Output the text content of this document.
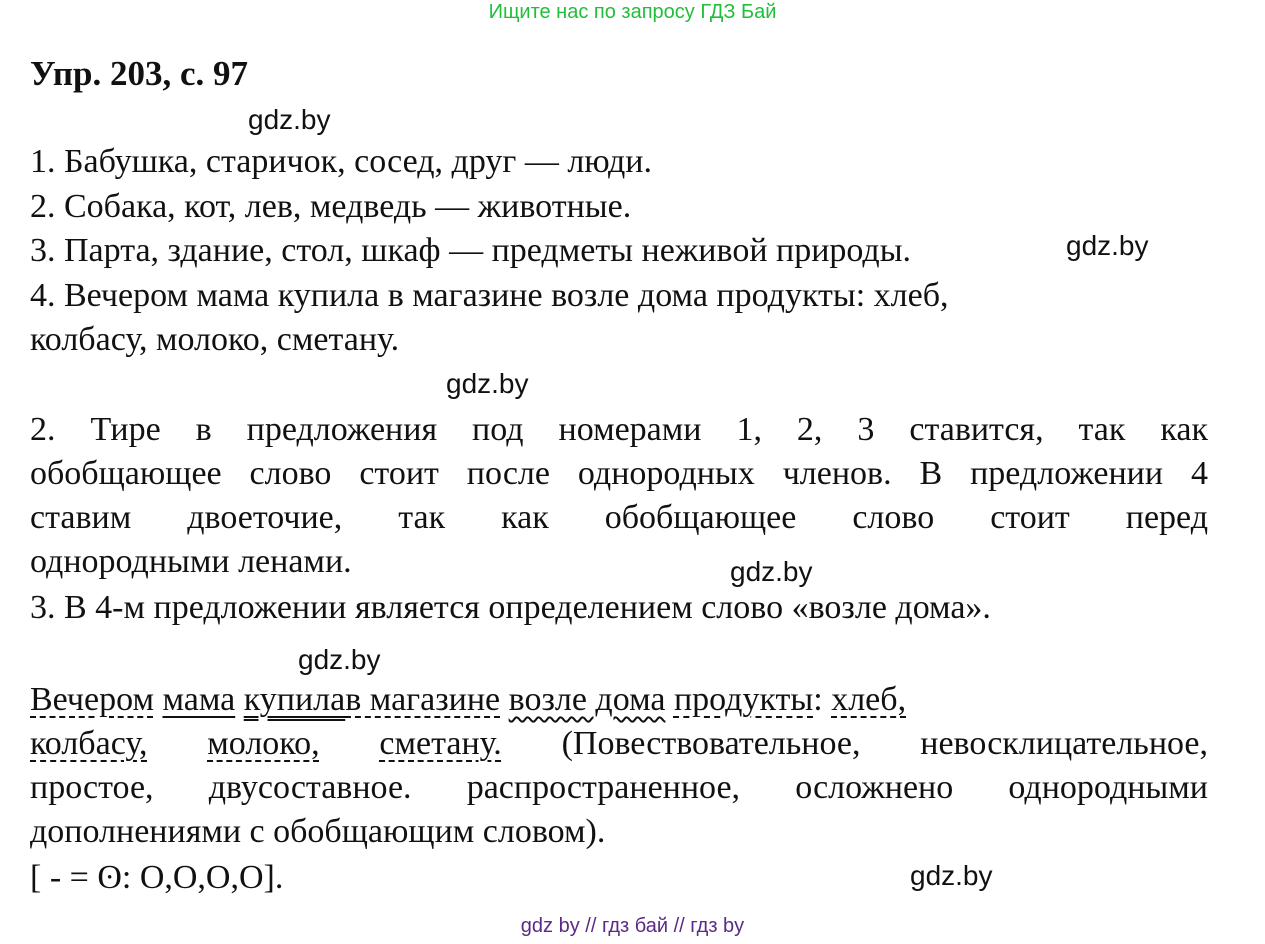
Ищите нас по запросу ГДЗ Бай
Упр. 203, с. 97
gdz.by
1. Бабушка, старичок, сосед, друг — люди.
2. Собака, кот, лев, медведь — животные.
3. Парта, здание, стол, шкаф — предметы неживой природы.	gdz.by
4. Вечером мама купила в магазине возле дома продукты: хлеб,
колбасу, молоко, сметану.
gdz.by
2. Тире в предложения под номерами 1, 2, 3 ставится, так как
обобщающее слово стоит после однородных членов. В предложении 4
ставим двоеточие, так как обобщающее слово стоит перед
однородными ленами.	gdz.by
3. В 4-м предложении является определением слово «возле дома».
gdz.by
Вечером мама купилав магазине возле дома продукты: хлеб,
колбасу, молоко, сметану. (Повествовательное, невосклицательное,
простое, двусоставное. распространенное, осложнено однородными
дополнениями с обобщающим словом).
[ - = ʘ: O,O,O,O].	gdz.by
gdz by // гдз бай // гдз by
